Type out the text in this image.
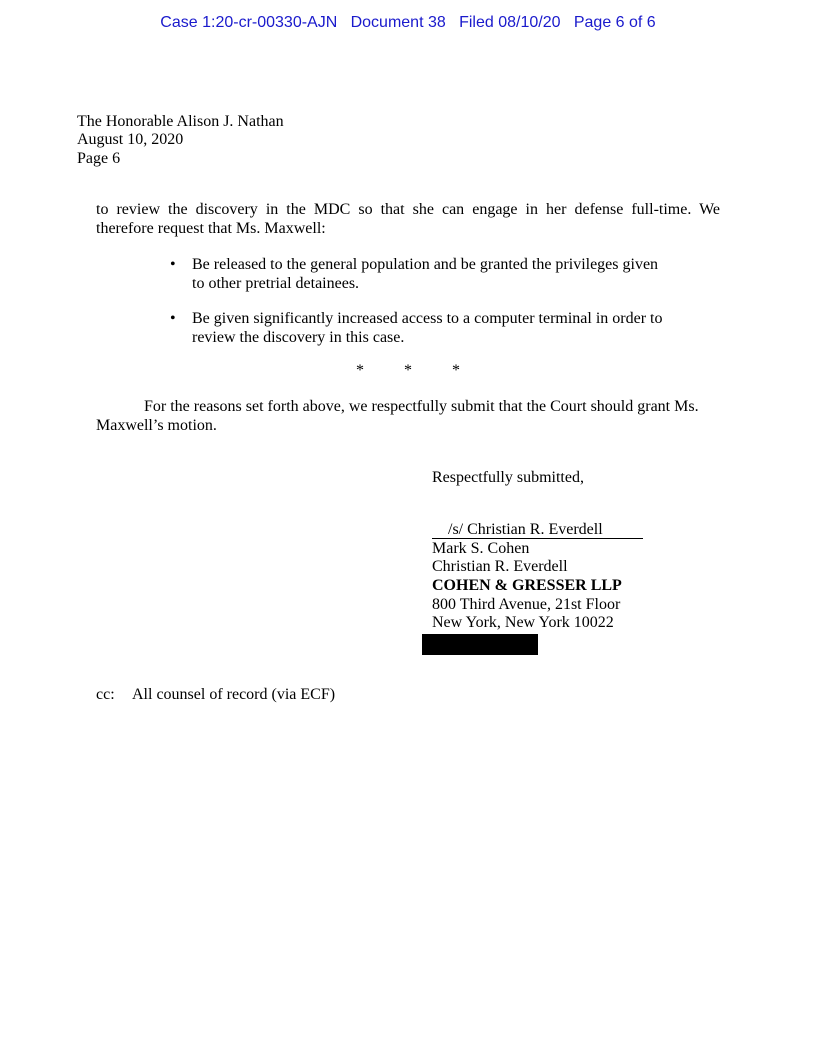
Case 1:20-cr-00330-AJN   Document 38   Filed 08/10/20   Page 6 of 6
The Honorable Alison J. Nathan
August 10, 2020
Page 6
to review the discovery in the MDC so that she can engage in her defense full-time. We
therefore request that Ms. Maxwell:
• Be released to the general population and be granted the privileges given
to other pretrial detainees.
• Be given significantly increased access to a computer terminal in order to
review the discovery in this case.
*	*	*
For the reasons set forth above, we respectfully submit that the Court should grant Ms.
Maxwell’s motion.
Respectfully submitted,
/s/ Christian R. Everdell
Mark S. Cohen
Christian R. Everdell
COHEN & GRESSER LLP
800 Third Avenue, 21st Floor
New York, New York 10022
cc: All counsel of record (via ECF)
